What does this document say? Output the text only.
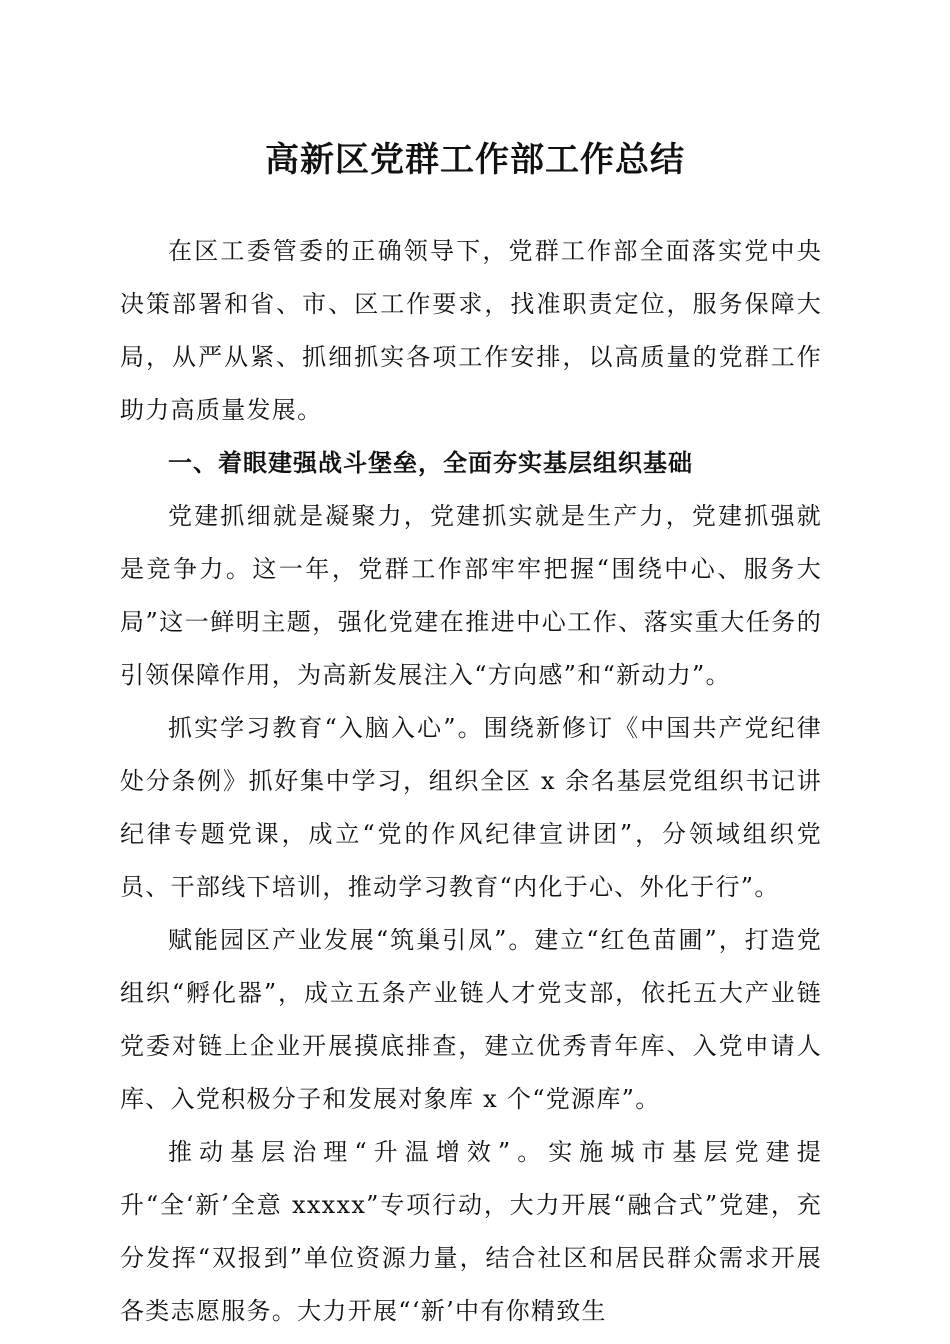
高新区党群工作部工作总结

在区工委管委的正确领导下，党群工作部全面落实党中央决策部署和省、市、区工作要求，找准职责定位，服务保障大局，从严从紧、抓细抓实各项工作安排，以高质量的党群工作助力高质量发展。

一、着眼建强战斗堡垒，全面夯实基层组织基础

党建抓细就是凝聚力，党建抓实就是生产力，党建抓强就是竞争力。这一年，党群工作部牢牢把握“围绕中心、服务大局”这一鲜明主题，强化党建在推进中心工作、落实重大任务的引领保障作用，为高新发展注入“方向感”和“新动力”。

抓实学习教育“入脑入心”。围绕新修订《中国共产党纪律处分条例》抓好集中学习，组织全区 x 余名基层党组织书记讲纪律专题党课，成立“党的作风纪律宣讲团”，分领域组织党员、干部线下培训，推动学习教育“内化于心、外化于行”。

赋能园区产业发展“筑巢引凤”。建立“红色苗圃”，打造党组织“孵化器”，成立五条产业链人才党支部，依托五大产业链党委对链上企业开展摸底排查，建立优秀青年库、入党申请人库、入党积极分子和发展对象库 x 个“党源库”。

推动基层治理“升温增效”。实施城市基层党建提升“全‘新’全意 xxxxx”专项行动，大力开展“融合式”党建，充分发挥“双报到”单位资源力量，结合社区和居民群众需求开展各类志愿服务。大力开展“‘新’中有你精致生
